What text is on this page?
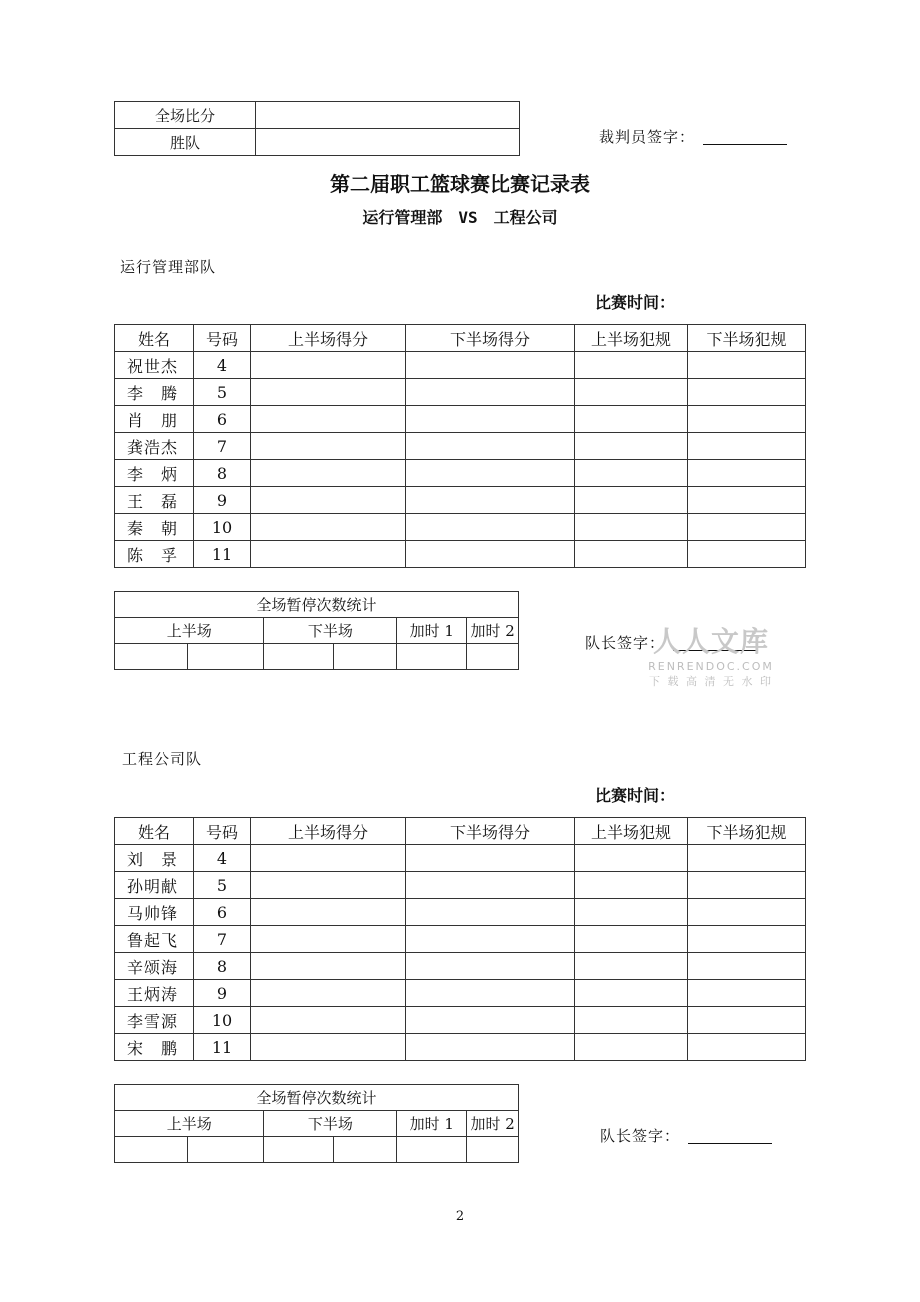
全场比分	
胜队		裁判员签字：
第二届职工篮球赛比赛记录表
运行管理部　VS　工程公司
运行管理部队
比赛时间：
姓名	号码	上半场得分	下半场得分	上半场犯规	下半场犯规
祝世杰	4				
李　腾	5				
肖　朋	6				
龚浩杰	7				
李　炳	8				
王　磊	9				
秦　朝	10				
陈　孚	11				
全场暂停次数统计					
上半场		下半场		加时 1	加时 2

队长签字：
人人文库
RENRENDOC.COM
下 载 高 清 无 水 印
工程公司队
比赛时间：
姓名	号码	上半场得分	下半场得分	上半场犯规	下半场犯规
刘　景	4				
孙明献	5				
马帅锋	6				
鲁起飞	7				
辛颂海	8				
王炳涛	9				
李雪源	10				
宋　鹏	11				
全场暂停次数统计					
上半场		下半场		加时 1	加时 2

队长签字：
2
